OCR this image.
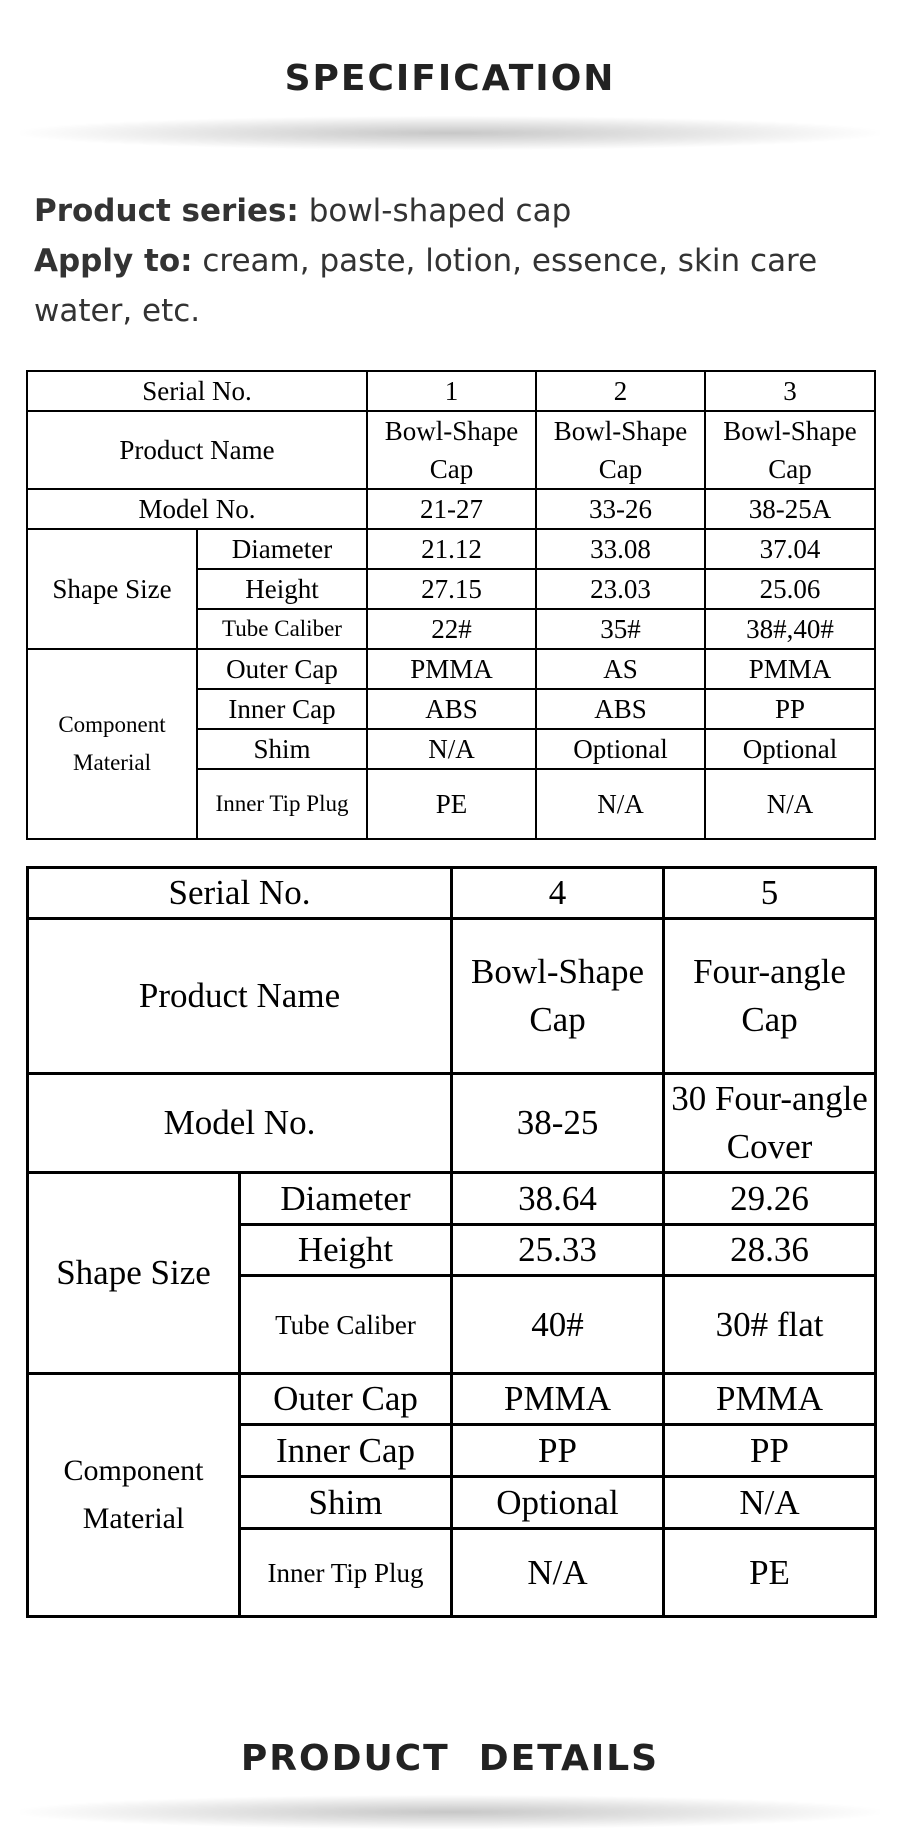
SPECIFICATION
Product series: bowl-shaped cap
Apply to: cream, paste, lotion, essence, skin care water, etc.
Serial No.		1	2	3
Product Name		Bowl-Shape Cap	Bowl-Shape Cap	Bowl-Shape Cap
Model No.		21-27	33-26	38-25A
Shape Size	Diameter	21.12	33.08	37.04
	Height	27.15	23.03	25.06
	Tube Caliber	22#	35#	38#,40#
Component Material	Outer Cap	PMMA	AS	PMMA
	Inner Cap	ABS	ABS	PP
	Shim	N/A	Optional	Optional
	Inner Tip Plug	PE	N/A	N/A
Serial No.		4	5
Product Name		Bowl-Shape Cap	Four-angle Cap
Model No.		38-25	30 Four-angle Cover
Shape Size	Diameter	38.64	29.26
	Height	25.33	28.36
	Tube Caliber	40#	30# flat
Component Material	Outer Cap	PMMA	PMMA
	Inner Cap	PP	PP
	Shim	Optional	N/A
	Inner Tip Plug	N/A	PE
PRODUCT  DETAILS
